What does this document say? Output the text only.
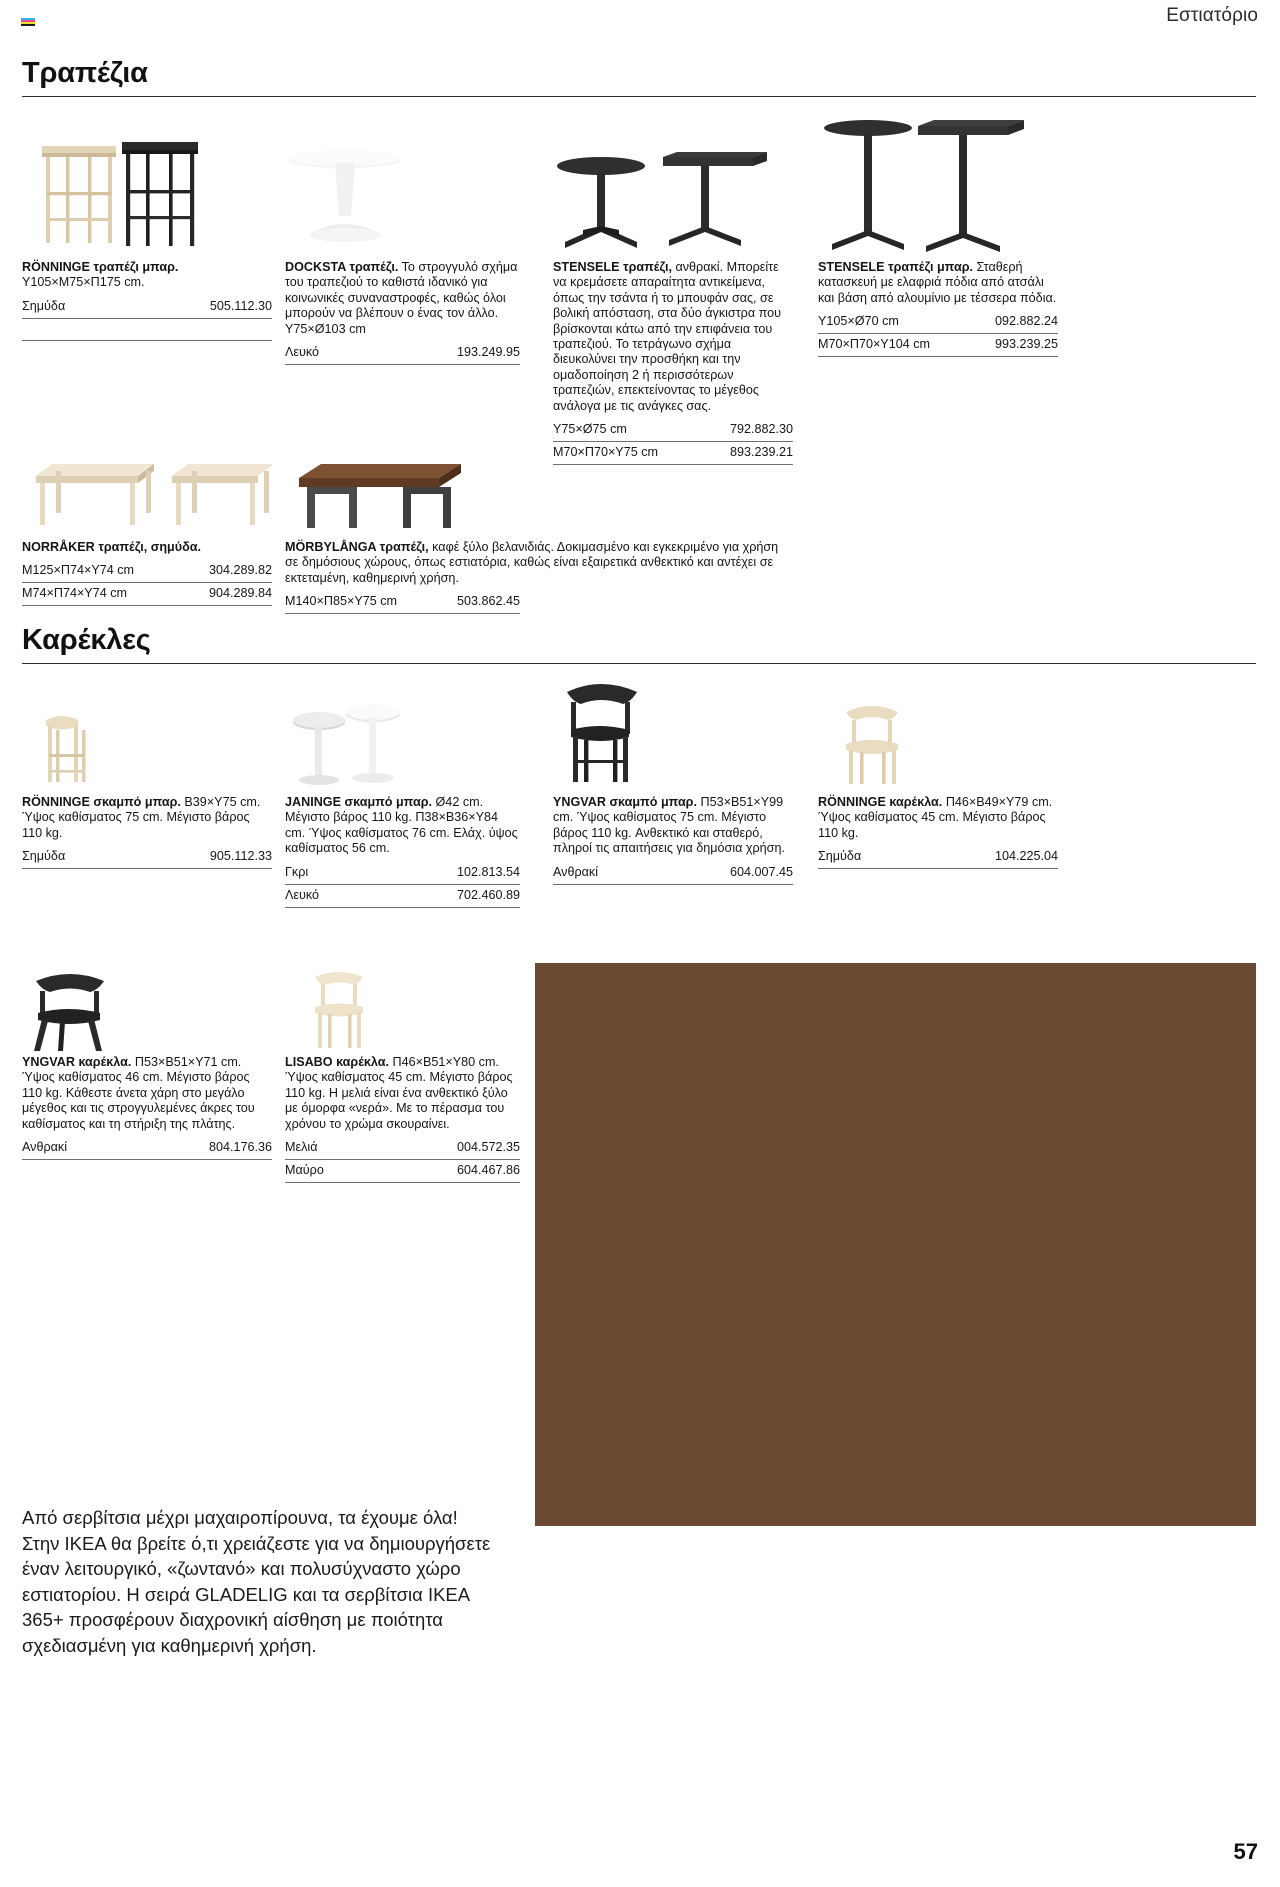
Εστιατόριο
Τραπέζια
RÖNNINGE τραπέζι μπαρ. Υ105×Μ75×Π175 cm.
Σημύδα	505.112.30
DOCKSTA τραπέζι. Το στρογγυλό σχήμα του τραπεζιού το καθιστά ιδανικό για κοινωνικές συναναστροφές, καθώς όλοι μπορούν να βλέπουν ο ένας τον άλλο. Υ75×Ø103 cm
Λευκό	193.249.95
STENSELE τραπέζι, ανθρακί. Μπορείτε να κρεμάσετε απαραίτητα αντικείμενα, όπως την τσάντα ή το μπουφάν σας, σε βολική απόσταση, στα δύο άγκιστρα που βρίσκονται κάτω από την επιφάνεια του τραπεζιού. Το τετράγωνο σχήμα διευκολύνει την προσθήκη και την ομαδοποίηση 2 ή περισσότερων τραπεζιών, επεκτείνοντας το μέγεθος ανάλογα με τις ανάγκες σας.
Υ75×Ø75 cm	792.882.30
Μ70×Π70×Υ75 cm	893.239.21
STENSELE τραπέζι μπαρ. Σταθερή κατασκευή με ελαφριά πόδια από ατσάλι και βάση από αλουμίνιο με τέσσερα πόδια.
Υ105×Ø70 cm	092.882.24
Μ70×Π70×Υ104 cm	993.239.25
NORRÅKER τραπέζι, σημύδα.
Μ125×Π74×Υ74 cm	304.289.82
Μ74×Π74×Υ74 cm	904.289.84
MÖRBYLÅNGA τραπέζι, καφέ ξύλο βελανιδιάς. Δοκιμασμένο και εγκεκριμένο για χρήση σε δημόσιους χώρους, όπως εστιατόρια, καθώς είναι εξαιρετικά ανθεκτικό και αντέχει σε εκτεταμένη, καθημερινή χρήση.
Μ140×Π85×Υ75 cm	503.862.45
Καρέκλες
RÖNNINGE σκαμπό μπαρ. Β39×Υ75 cm. Ύψος καθίσματος 75 cm. Μέγιστο βάρος 110 kg.
Σημύδα	905.112.33
JANINGE σκαμπό μπαρ. Ø42 cm. Μέγιστο βάρος 110 kg. Π38×Β36×Υ84 cm. Ύψος καθίσματος 76 cm. Ελάχ. ύψος καθίσματος 56 cm.
Γκρι	102.813.54
Λευκό	702.460.89
YNGVAR σκαμπό μπαρ. Π53×Β51×Υ99 cm. Ύψος καθίσματος 75 cm. Μέγιστο βάρος 110 kg. Ανθεκτικό και σταθερό, πληροί τις απαιτήσεις για δημόσια χρήση.
Ανθρακί	604.007.45
RÖNNINGE καρέκλα. Π46×Β49×Υ79 cm. Ύψος καθίσματος 45 cm. Μέγιστο βάρος 110 kg.
Σημύδα	104.225.04
YNGVAR καρέκλα. Π53×Β51×Υ71 cm. Ύψος καθίσματος 46 cm. Μέγιστο βάρος 110 kg. Κάθεστε άνετα χάρη στο μεγάλο μέγεθος και τις στρογγυλεμένες άκρες του καθίσματος και τη στήριξη της πλάτης.
Ανθρακί	804.176.36
LISABO καρέκλα. Π46×Β51×Υ80 cm. Ύψος καθίσματος 45 cm. Μέγιστο βάρος 110 kg. Η μελιά είναι ένα ανθεκτικό ξύλο με όμορφα «νερά». Με το πέρασμα του χρόνου το χρώμα σκουραίνει.
Μελιά	004.572.35
Μαύρο	604.467.86
Από σερβίτσια μέχρι μαχαιροπίρουνα, τα έχουμε όλα! Στην ΙΚΕΑ θα βρείτε ό,τι χρειάζεστε για να δημιουργήσετε έναν λειτουργικό, «ζωντανό» και πολυσύχναστο χώρο εστιατορίου. Η σειρά GLADELIG και τα σερβίτσια ΙΚΕΑ 365+ προσφέρουν διαχρονική αίσθηση με ποιότητα σχεδιασμένη για καθημερινή χρήση.
57
